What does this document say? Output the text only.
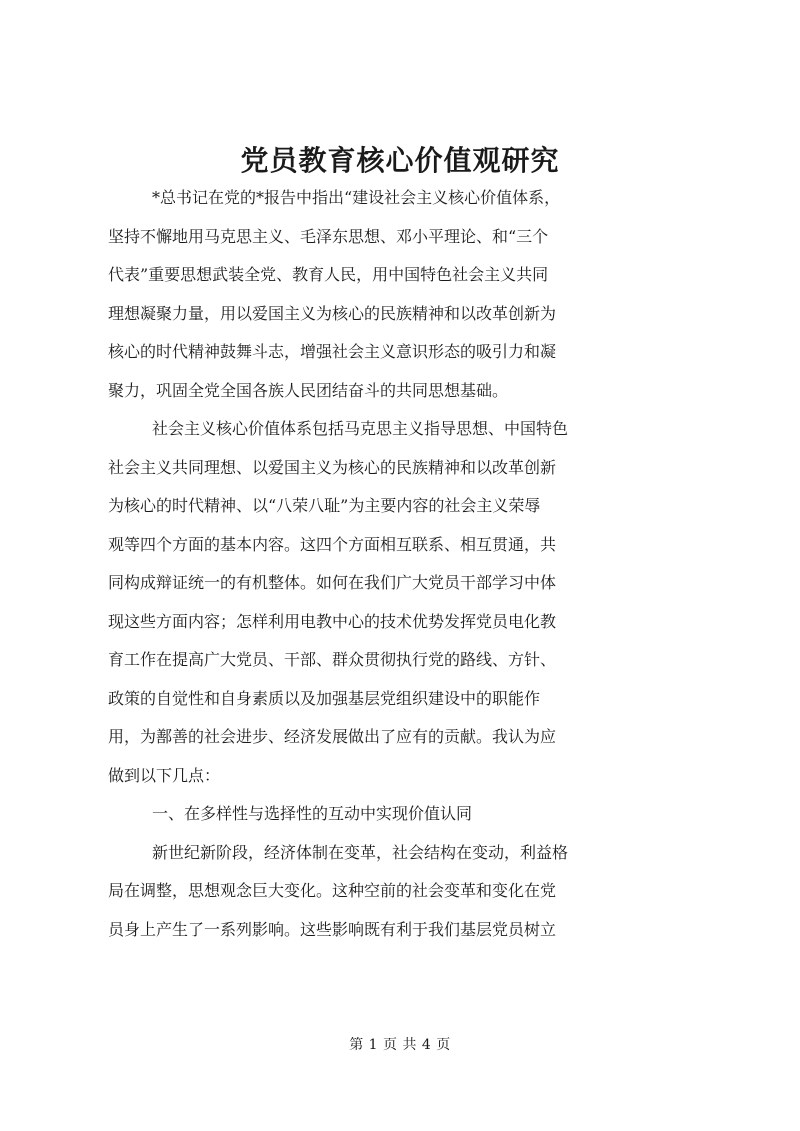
党员教育核心价值观研究
*总书记在党的*报告中指出“建设社会主义核心价值体系，
坚持不懈地用马克思主义、毛泽东思想、邓小平理论、和“三个
代表”重要思想武装全党、教育人民，用中国特色社会主义共同
理想凝聚力量，用以爱国主义为核心的民族精神和以改革创新为
核心的时代精神鼓舞斗志，增强社会主义意识形态的吸引力和凝
聚力，巩固全党全国各族人民团结奋斗的共同思想基础。
社会主义核心价值体系包括马克思主义指导思想、中国特色
社会主义共同理想、以爱国主义为核心的民族精神和以改革创新
为核心的时代精神、以“八荣八耻”为主要内容的社会主义荣辱
观等四个方面的基本内容。这四个方面相互联系、相互贯通，共
同构成辩证统一的有机整体。如何在我们广大党员干部学习中体
现这些方面内容；怎样利用电教中心的技术优势发挥党员电化教
育工作在提高广大党员、干部、群众贯彻执行党的路线、方针、
政策的自觉性和自身素质以及加强基层党组织建设中的职能作
用，为鄯善的社会进步、经济发展做出了应有的贡献。我认为应
做到以下几点：
一、在多样性与选择性的互动中实现价值认同
新世纪新阶段，经济体制在变革，社会结构在变动，利益格
局在调整，思想观念巨大变化。这种空前的社会变革和变化在党
员身上产生了一系列影响。这些影响既有利于我们基层党员树立
第 1 页 共 4 页
